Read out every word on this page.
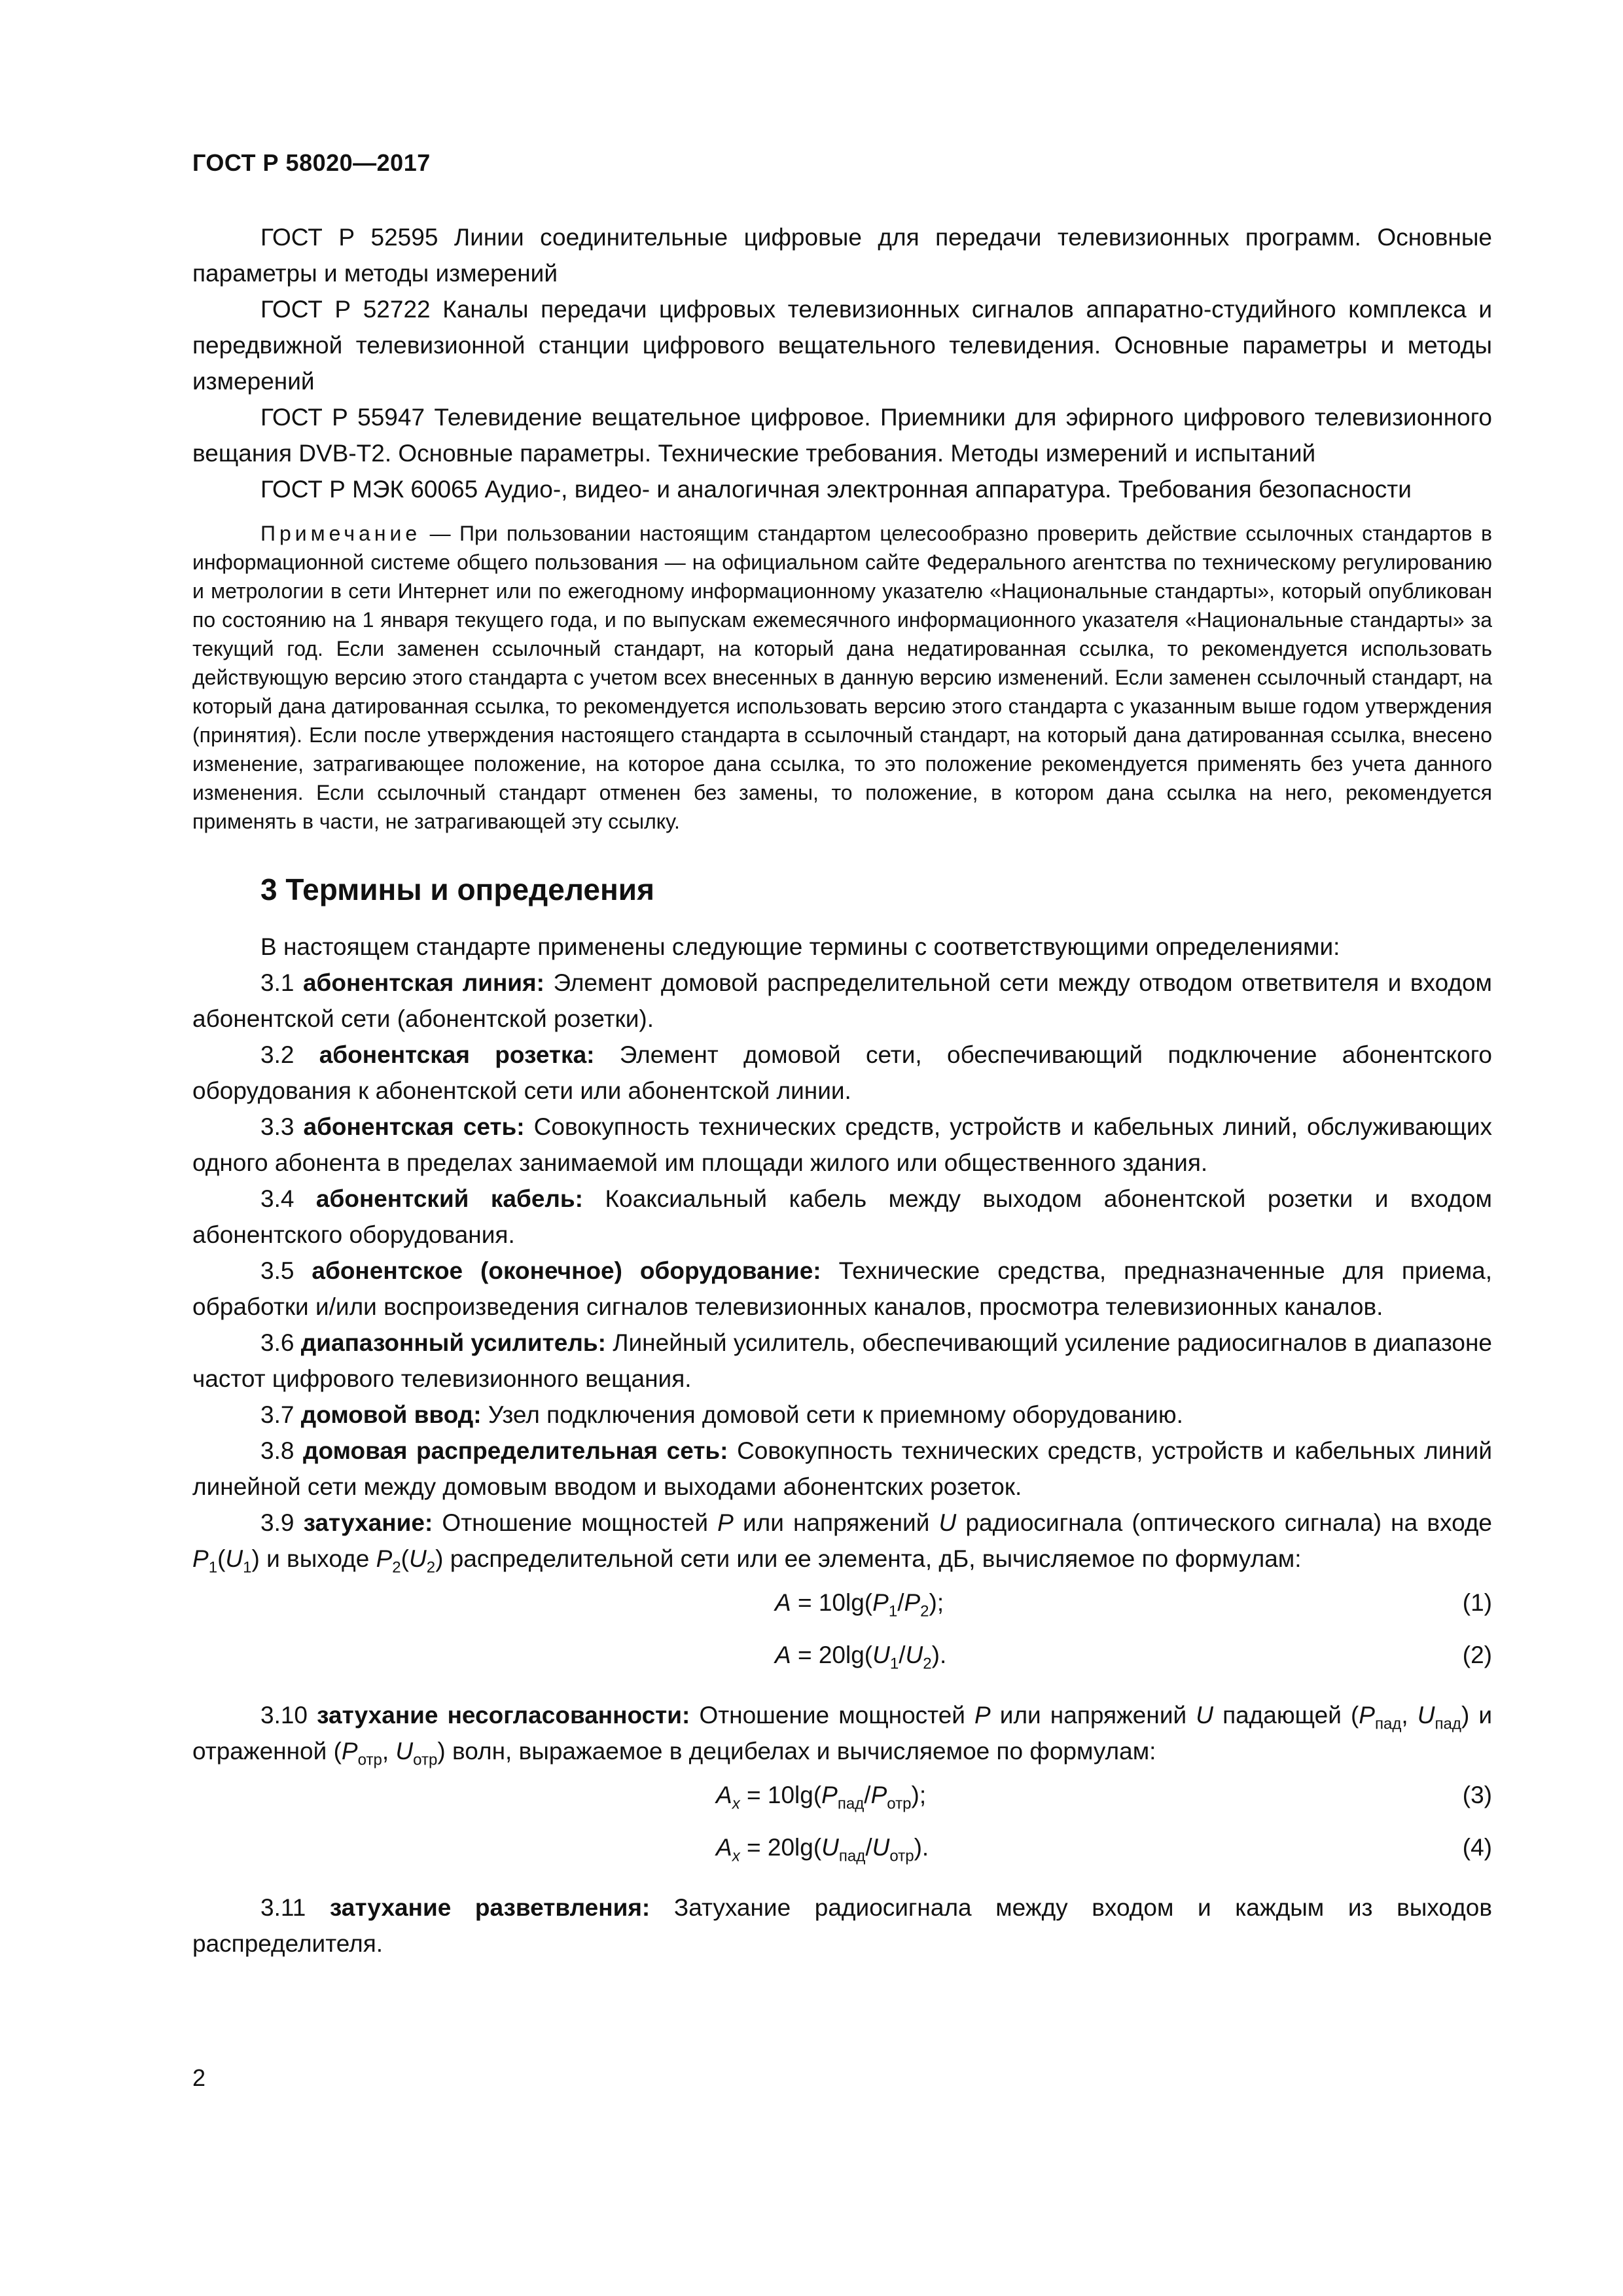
ГОСТ Р 58020—2017

ГОСТ Р 52595 Линии соединительные цифровые для передачи телевизионных программ. Основные параметры и методы измерений

ГОСТ Р 52722 Каналы передачи цифровых телевизионных сигналов аппаратно-студийного комплекса и передвижной телевизионной станции цифрового вещательного телевидения. Основные параметры и методы измерений

ГОСТ Р 55947 Телевидение вещательное цифровое. Приемники для эфирного цифрового телевизионного вещания DVB-T2. Основные параметры. Технические требования. Методы измерений и испытаний

ГОСТ Р МЭК 60065 Аудио-, видео- и аналогичная электронная аппаратура. Требования безопасности

Примечание — При пользовании настоящим стандартом целесообразно проверить действие ссылочных стандартов в информационной системе общего пользования — на официальном сайте Федерального агентства по техническому регулированию и метрологии в сети Интернет или по ежегодному информационному указателю «Национальные стандарты», который опубликован по состоянию на 1 января текущего года, и по выпускам ежемесячного информационного указателя «Национальные стандарты» за текущий год. Если заменен ссылочный стандарт, на который дана недатированная ссылка, то рекомендуется использовать действующую версию этого стандарта с учетом всех внесенных в данную версию изменений. Если заменен ссылочный стандарт, на который дана датированная ссылка, то рекомендуется использовать версию этого стандарта с указанным выше годом утверждения (принятия). Если после утверждения настоящего стандарта в ссылочный стандарт, на который дана датированная ссылка, внесено изменение, затрагивающее положение, на которое дана ссылка, то это положение рекомендуется применять без учета данного изменения. Если ссылочный стандарт отменен без замены, то положение, в котором дана ссылка на него, рекомендуется применять в части, не затрагивающей эту ссылку.
3 Термины и определения

В настоящем стандарте применены следующие термины с соответствующими определениями:

3.1 абонентская линия: Элемент домовой распределительной сети между отводом ответвителя и входом абонентской сети (абонентской розетки).

3.2 абонентская розетка: Элемент домовой сети, обеспечивающий подключение абонентского оборудования к абонентской сети или абонентской линии.

3.3 абонентская сеть: Совокупность технических средств, устройств и кабельных линий, обслуживающих одного абонента в пределах занимаемой им площади жилого или общественного здания.

3.4 абонентский кабель: Коаксиальный кабель между выходом абонентской розетки и входом абонентского оборудования.

3.5 абонентское (оконечное) оборудование: Технические средства, предназначенные для приема, обработки и/или воспроизведения сигналов телевизионных каналов, просмотра телевизионных каналов.

3.6 диапазонный усилитель: Линейный усилитель, обеспечивающий усиление радиосигналов в диапазоне частот цифрового телевизионного вещания.

3.7 домовой ввод: Узел подключения домовой сети к приемному оборудованию.

3.8 домовая распределительная сеть: Совокупность технических средств, устройств и кабельных линий линейной сети между домовым вводом и выходами абонентских розеток.

3.9 затухание: Отношение мощностей P или напряжений U радиосигнала (оптического сигнала) на входе $P_1(U_1)$ и выходе $P_2(U_2)$ распределительной сети или ее элемента, дБ, вычисляемое по формулам:

$A = 10\lg(P_1/P_2)$;	(1)

$A = 20\lg(U_1/U_2)$.	(2)

3.10 затухание несогласованности: Отношение мощностей P или напряжений U падающей ($P_{пад}$, $U_{пад}$) и отраженной ($P_{отр}$, $U_{отр}$) волн, выражаемое в децибелах и вычисляемое по формулам:

$A_x = 10\lg(P_{пад}/P_{отр})$;	(3)

$A_x = 20\lg(U_{пад}/U_{отр})$.	(4)

3.11 затухание разветвления: Затухание радиосигнала между входом и каждым из выходов распределителя.

2
